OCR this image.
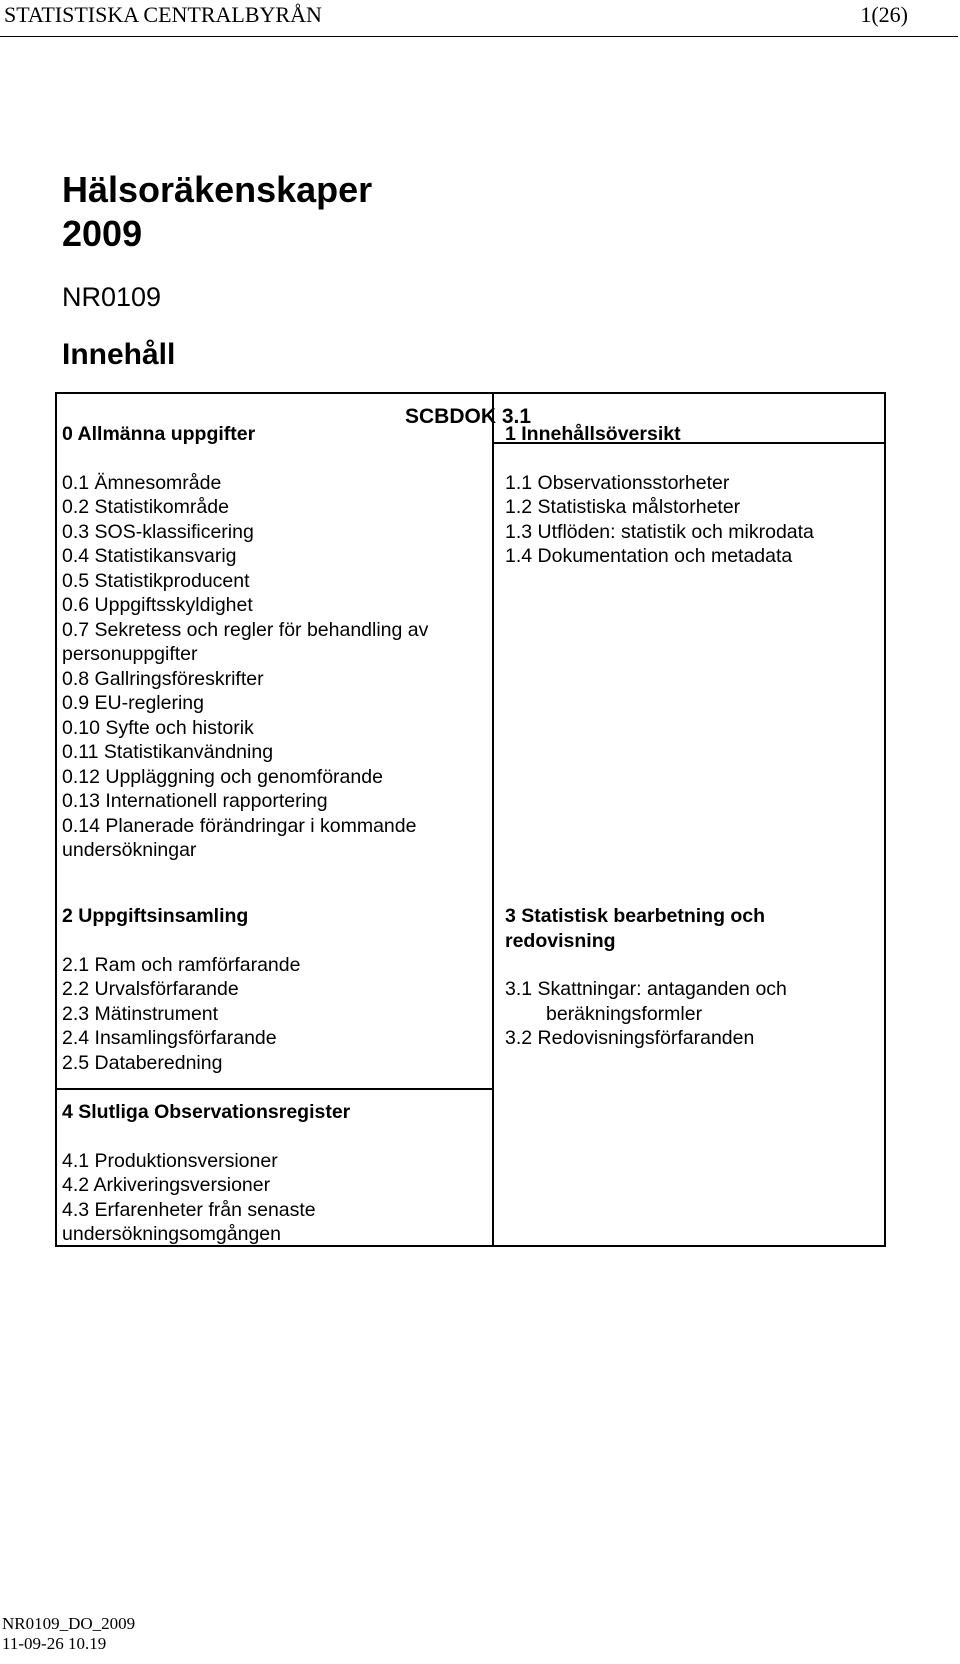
STATISTISKA CENTRALBYRÅN	1(26)
Hälsoräkenskaper
2009
NR0109
Innehåll
SCBDOK 3.1
0 Allmänna uppgifter
0.1 Ämnesområde
0.2 Statistikområde
0.3 SOS-klassificering
0.4 Statistikansvarig
0.5 Statistikproducent
0.6 Uppgiftsskyldighet
0.7 Sekretess och regler för behandling av
personuppgifter
0.8 Gallringsföreskrifter
0.9 EU-reglering
0.10 Syfte och historik
0.11 Statistikanvändning
0.12 Uppläggning och genomförande
0.13 Internationell rapportering
0.14 Planerade förändringar i kommande
undersökningar
1 Innehållsöversikt
1.1 Observationsstorheter
1.2 Statistiska målstorheter
1.3 Utflöden: statistik och mikrodata
1.4 Dokumentation och metadata
2 Uppgiftsinsamling
2.1 Ram och ramförfarande
2.2 Urvalsförfarande
2.3 Mätinstrument
2.4 Insamlingsförfarande
2.5 Databeredning
3 Statistisk bearbetning och
redovisning
3.1 Skattningar: antaganden och
beräkningsformler
3.2 Redovisningsförfaranden
4 Slutliga Observationsregister
4.1 Produktionsversioner
4.2 Arkiveringsversioner
4.3 Erfarenheter från senaste
undersökningsomgången
NR0109_DO_2009
11-09-26 10.19
